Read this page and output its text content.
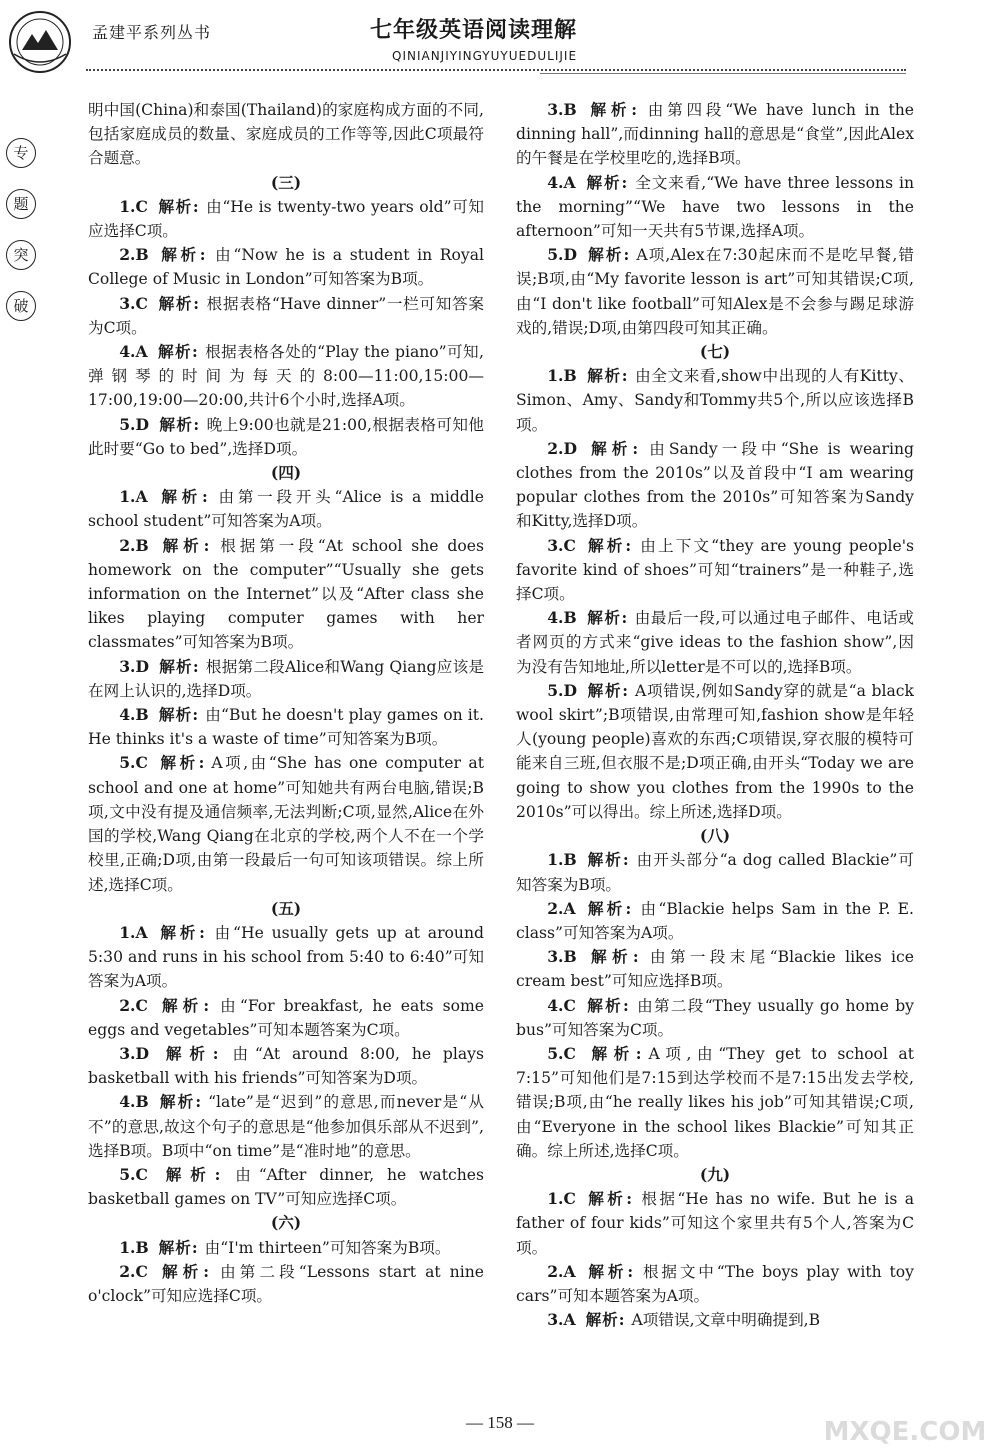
孟建平系列丛书	七年级英语阅读理解
QINIANJIYINGYUYUEDULIJIE
专
题
突
破

明中国(China)和泰国(Thailand)的家庭构成方面的不同,包括家庭成员的数量、家庭成员的工作等等,因此C项最符合题意。

(三)

1.C 解析: 由“He is twenty-two years old”可知应选择C项。

2.B 解析: 由“Now he is a student in Royal College of Music in London”可知答案为B项。

3.C 解析: 根据表格“Have dinner”一栏可知答案为C项。

4.A 解析: 根据表格各处的“Play the piano”可知,弹钢琴的时间为每天的8:00—11:00,15:00—17:00,19:00—20:00,共计6个小时,选择A项。

5.D 解析: 晚上9:00也就是21:00,根据表格可知他此时要“Go to bed”,选择D项。

(四)

1.A 解析: 由第一段开头“Alice is a middle school student”可知答案为A项。

2.B 解析: 根据第一段“At school she does homework on the computer”“Usually she gets information on the Internet”以及“After class she likes playing computer games with her classmates”可知答案为B项。

3.D 解析: 根据第二段Alice和Wang Qiang应该是在网上认识的,选择D项。

4.B 解析: 由“But he doesn't play games on it. He thinks it's a waste of time”可知答案为B项。

5.C 解析: A项,由“She has one computer at school and one at home”可知她共有两台电脑,错误;B项,文中没有提及通信频率,无法判断;C项,显然,Alice在外国的学校,Wang Qiang在北京的学校,两个人不在一个学校里,正确;D项,由第一段最后一句可知该项错误。综上所述,选择C项。

(五)

1.A 解析: 由“He usually gets up at around 5:30 and runs in his school from 5:40 to 6:40”可知答案为A项。

2.C 解析: 由“For breakfast, he eats some eggs and vegetables”可知本题答案为C项。

3.D 解析: 由“At around 8:00, he plays basketball with his friends”可知答案为D项。

4.B 解析: “late”是“迟到”的意思,而never是“从不”的意思,故这个句子的意思是“他参加俱乐部从不迟到”,选择B项。B项中“on time”是“准时地”的意思。

5.C 解析: 由“After dinner, he watches basketball games on TV”可知应选择C项。

(六)

1.B 解析: 由“I'm thirteen”可知答案为B项。

2.C 解析: 由第二段“Lessons start at nine o'clock”可知应选择C项。

3.B 解析: 由第四段“We have lunch in the dinning hall”,而dinning hall的意思是“食堂”,因此Alex的午餐是在学校里吃的,选择B项。

4.A 解析: 全文来看,“We have three lessons in the morning”“We have two lessons in the afternoon”可知一天共有5节课,选择A项。

5.D 解析: A项,Alex在7:30起床而不是吃早餐,错误;B项,由“My favorite lesson is art”可知其错误;C项,由“I don't like football”可知Alex是不会参与踢足球游戏的,错误;D项,由第四段可知其正确。

(七)

1.B 解析: 由全文来看,show中出现的人有Kitty、Simon、Amy、Sandy和Tommy共5个,所以应该选择B项。

2.D 解析: 由Sandy一段中“She is wearing clothes from the 2010s”以及首段中“I am wearing popular clothes from the 2010s”可知答案为Sandy和Kitty,选择D项。

3.C 解析: 由上下文“they are young people's favorite kind of shoes”可知“trainers”是一种鞋子,选择C项。

4.B 解析: 由最后一段,可以通过电子邮件、电话或者网页的方式来“give ideas to the fashion show”,因为没有告知地址,所以letter是不可以的,选择B项。

5.D 解析: A项错误,例如Sandy穿的就是“a black wool skirt”;B项错误,由常理可知,fashion show是年轻人(young people)喜欢的东西;C项错误,穿衣服的模特可能来自三班,但衣服不是;D项正确,由开头“Today we are going to show you clothes from the 1990s to the 2010s”可以得出。综上所述,选择D项。

(八)

1.B 解析: 由开头部分“a dog called Blackie”可知答案为B项。

2.A 解析: 由“Blackie helps Sam in the P. E. class”可知答案为A项。

3.B 解析: 由第一段末尾“Blackie likes ice cream best”可知应选择B项。

4.C 解析: 由第二段“They usually go home by bus”可知答案为C项。

5.C 解析: A项,由“They get to school at 7:15”可知他们是7:15到达学校而不是7:15出发去学校,错误;B项,由“he really likes his job”可知其错误;C项,由“Everyone in the school likes Blackie”可知其正确。综上所述,选择C项。

(九)

1.C 解析: 根据“He has no wife. But he is a father of four kids”可知这个家里共有5个人,答案为C项。

2.A 解析: 根据文中“The boys play with toy cars”可知本题答案为A项。

3.A 解析: A项错误,文章中明确提到,B

— 158 —	MXQE.COM
